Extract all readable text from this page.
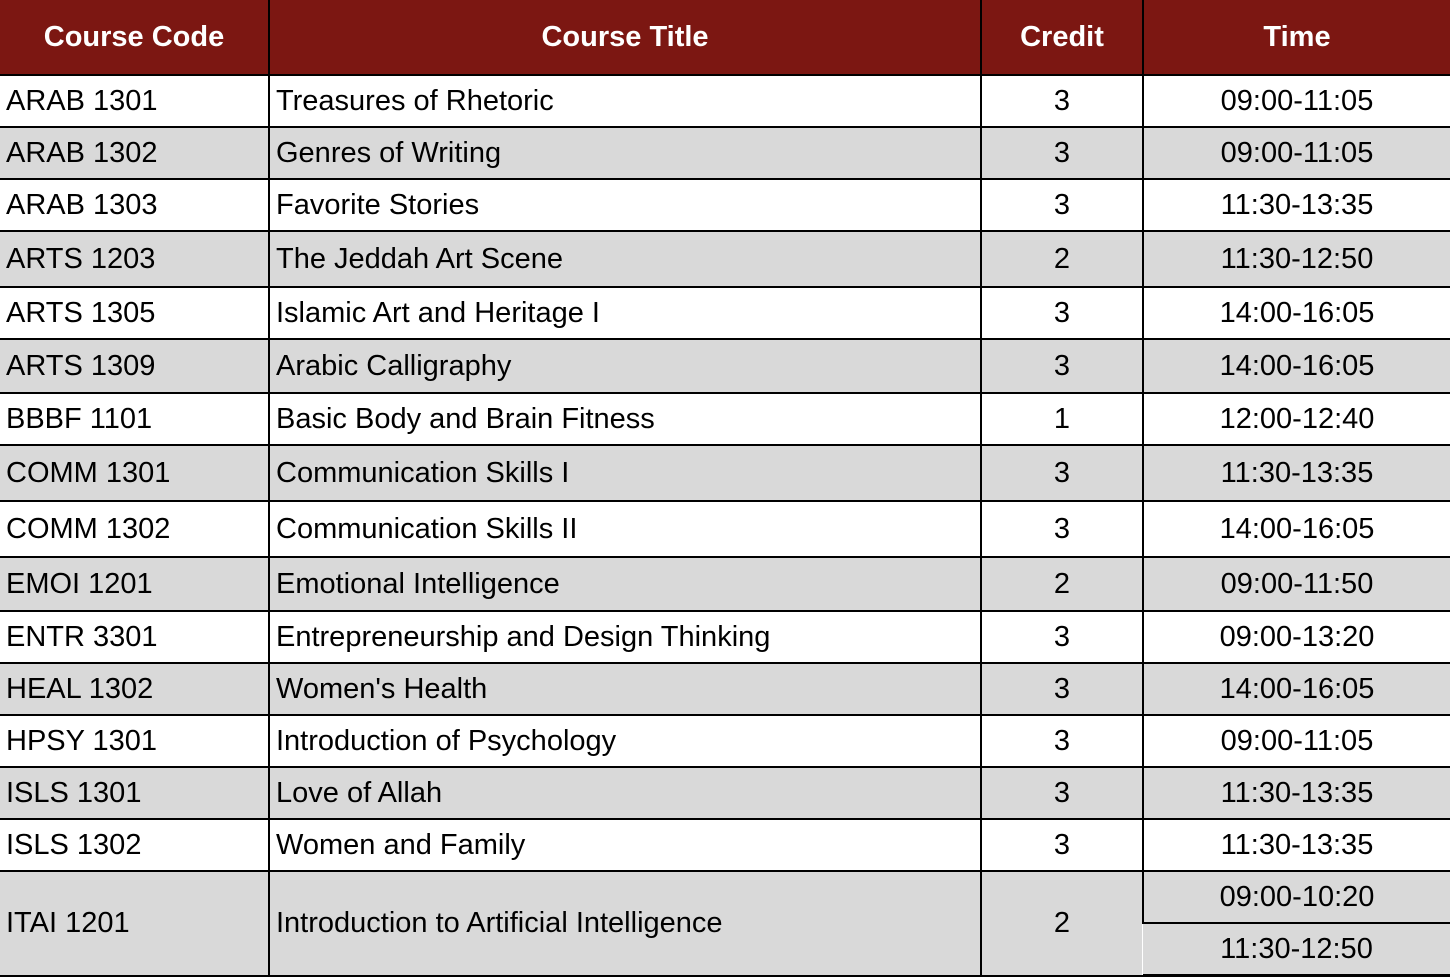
Course Code	Course Title	Credit	Time
ARAB 1301	Treasures of Rhetoric	3	09:00-11:05
ARAB 1302	Genres of Writing	3	09:00-11:05
ARAB 1303	Favorite Stories	3	11:30-13:35
ARTS 1203	The Jeddah Art Scene	2	11:30-12:50
ARTS 1305	Islamic Art and Heritage I	3	14:00-16:05
ARTS 1309	Arabic Calligraphy	3	14:00-16:05
BBBF 1101	Basic Body and Brain Fitness	1	12:00-12:40
COMM 1301	Communication Skills I	3	11:30-13:35
COMM 1302	Communication Skills II	3	14:00-16:05
EMOI 1201	Emotional Intelligence	2	09:00-11:50
ENTR 3301	Entrepreneurship and Design Thinking	3	09:00-13:20
HEAL 1302	Women's Health	3	14:00-16:05
HPSY 1301	Introduction of Psychology	3	09:00-11:05
ISLS 1301	Love of Allah	3	11:30-13:35
ISLS 1302	Women and Family	3	11:30-13:35
ITAI 1201	Introduction to Artificial Intelligence	2	09:00-10:20
			11:30-12:50
